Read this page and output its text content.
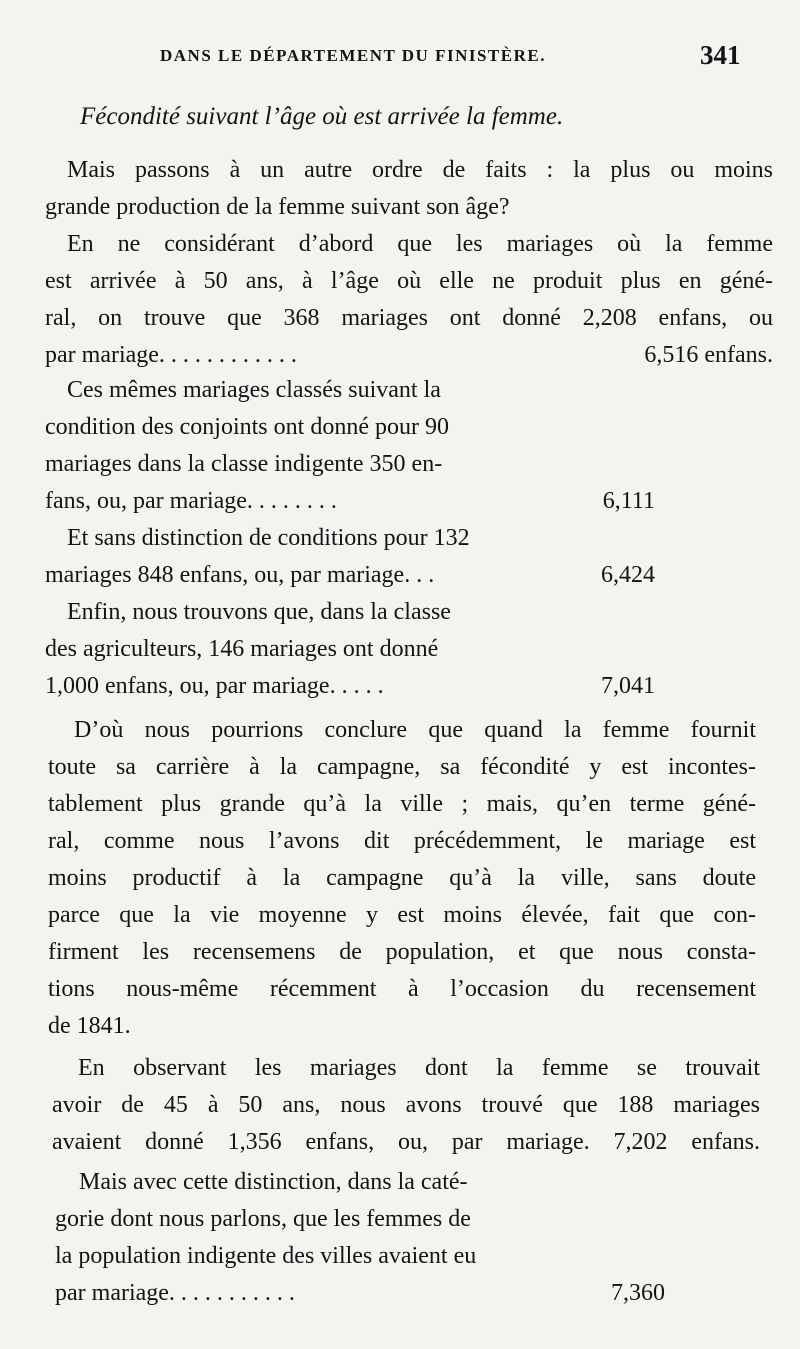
DANS LE DÉPARTEMENT DU FINISTÈRE.	341
Fécondité suivant l’âge où est arrivée la femme.
Mais passons à un autre ordre de faits : la plus ou moins
grande production de la femme suivant son âge?
En ne considérant d’abord que les mariages où la femme
est arrivée à 50 ans, à l’âge où elle ne produit plus en géné-
ral, on trouve que 368 mariages ont donné 2,208 enfans, ou
par mariage. . . . . . . . . . . .	6,516 enfans.
Ces mêmes mariages classés suivant la
condition des conjoints ont donné pour 90
mariages dans la classe indigente 350 en-
fans, ou, par mariage. . . . . . . .	6,111
Et sans distinction de conditions pour 132
mariages 848 enfans, ou, par mariage. . .	6,424
Enfin, nous trouvons que, dans la classe
des agriculteurs, 146 mariages ont donné
1,000 enfans, ou, par mariage. . . . .	7,041
D’où nous pourrions conclure que quand la femme fournit
toute sa carrière à la campagne, sa fécondité y est incontes-
tablement plus grande qu’à la ville ; mais, qu’en terme géné-
ral, comme nous l’avons dit précédemment, le mariage est
moins productif à la campagne qu’à la ville, sans doute
parce que la vie moyenne y est moins élevée, fait que con-
firment les recensemens de population, et que nous consta-
tions nous-même récemment à l’occasion du recensement
de 1841.
En observant les mariages dont la femme se trouvait
avoir de 45 à 50 ans, nous avons trouvé que 188 mariages
avaient donné 1,356 enfans, ou, par mariage. 7,202 enfans.
Mais avec cette distinction, dans la caté-
gorie dont nous parlons, que les femmes de
la population indigente des villes avaient eu
par mariage. . . . . . . . . . .	7,360
